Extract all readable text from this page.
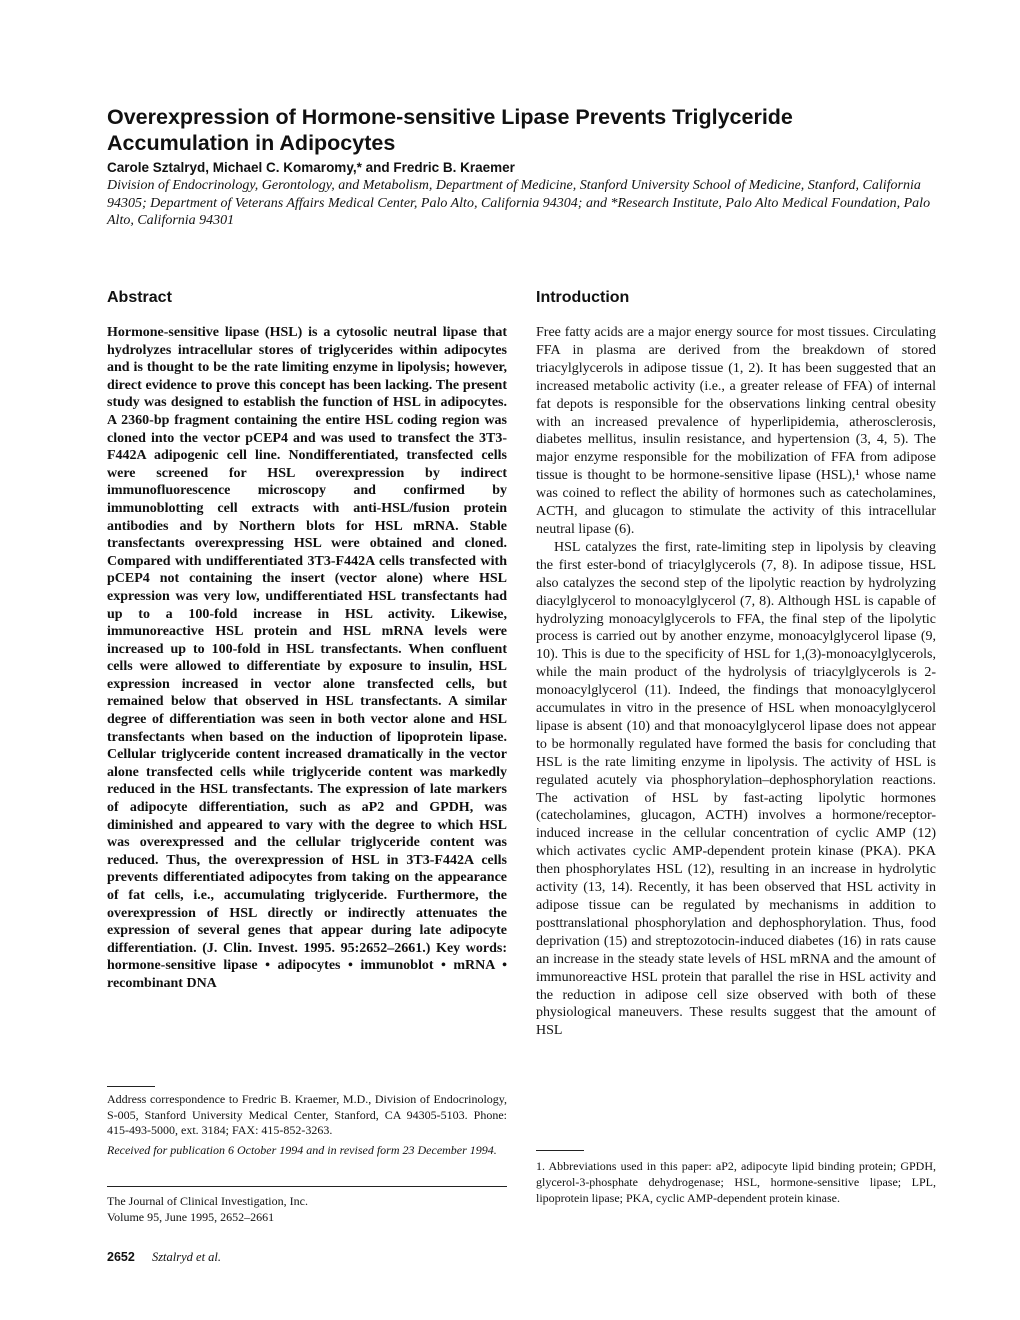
Overexpression of Hormone-sensitive Lipase Prevents Triglyceride Accumulation in Adipocytes
Carole Sztalryd, Michael C. Komaromy,* and Fredric B. Kraemer
Division of Endocrinology, Gerontology, and Metabolism, Department of Medicine, Stanford University School of Medicine, Stanford, California 94305; Department of Veterans Affairs Medical Center, Palo Alto, California 94304; and *Research Institute, Palo Alto Medical Foundation, Palo Alto, California 94301
Abstract

Hormone-sensitive lipase (HSL) is a cytosolic neutral lipase that hydrolyzes intracellular stores of triglycerides within adipocytes and is thought to be the rate limiting enzyme in lipolysis; however, direct evidence to prove this concept has been lacking. The present study was designed to establish the function of HSL in adipocytes. A 2360-bp fragment containing the entire HSL coding region was cloned into the vector pCEP4 and was used to transfect the 3T3-F442A adipogenic cell line. Nondifferentiated, transfected cells were screened for HSL overexpression by indirect immunofluorescence microscopy and confirmed by immunoblotting cell extracts with anti-HSL/fusion protein antibodies and by Northern blots for HSL mRNA. Stable transfectants overexpressing HSL were obtained and cloned. Compared with undifferentiated 3T3-F442A cells transfected with pCEP4 not containing the insert (vector alone) where HSL expression was very low, undifferentiated HSL transfectants had up to a 100-fold increase in HSL activity. Likewise, immunoreactive HSL protein and HSL mRNA levels were increased up to 100-fold in HSL transfectants. When confluent cells were allowed to differentiate by exposure to insulin, HSL expression increased in vector alone transfected cells, but remained below that observed in HSL transfectants. A similar degree of differentiation was seen in both vector alone and HSL transfectants when based on the induction of lipoprotein lipase. Cellular triglyceride content increased dramatically in the vector alone transfected cells while triglyceride content was markedly reduced in the HSL transfectants. The expression of late markers of adipocyte differentiation, such as aP2 and GPDH, was diminished and appeared to vary with the degree to which HSL was overexpressed and the cellular triglyceride content was reduced. Thus, the overexpression of HSL in 3T3-F442A cells prevents differentiated adipocytes from taking on the appearance of fat cells, i.e., accumulating triglyceride. Furthermore, the overexpression of HSL directly or indirectly attenuates the expression of several genes that appear during late adipocyte differentiation. (J. Clin. Invest. 1995. 95:2652–2661.) Key words: hormone-sensitive lipase • adipocytes • immunoblot • mRNA • recombinant DNA

Address correspondence to Fredric B. Kraemer, M.D., Division of Endocrinology, S-005, Stanford University Medical Center, Stanford, CA 94305-5103. Phone: 415-493-5000, ext. 3184; FAX: 415-852-3263.

Received for publication 6 October 1994 and in revised form 23 December 1994.

The Journal of Clinical Investigation, Inc.
Volume 95, June 1995, 2652–2661
2652 Sztalryd et al.
Introduction

Free fatty acids are a major energy source for most tissues. Circulating FFA in plasma are derived from the breakdown of stored triacylglycerols in adipose tissue (1, 2). It has been suggested that an increased metabolic activity (i.e., a greater release of FFA) of internal fat depots is responsible for the observations linking central obesity with an increased prevalence of hyperlipidemia, atherosclerosis, diabetes mellitus, insulin resistance, and hypertension (3, 4, 5). The major enzyme responsible for the mobilization of FFA from adipose tissue is thought to be hormone-sensitive lipase (HSL),¹ whose name was coined to reflect the ability of hormones such as catecholamines, ACTH, and glucagon to stimulate the activity of this intracellular neutral lipase (6).

HSL catalyzes the first, rate-limiting step in lipolysis by cleaving the first ester-bond of triacylglycerols (7, 8). In adipose tissue, HSL also catalyzes the second step of the lipolytic reaction by hydrolyzing diacylglycerol to monoacylglycerol (7, 8). Although HSL is capable of hydrolyzing monoacylglycerols to FFA, the final step of the lipolytic process is carried out by another enzyme, monoacylglycerol lipase (9, 10). This is due to the specificity of HSL for 1,(3)-monoacylglycerols, while the main product of the hydrolysis of triacylglycerols is 2-monoacylglycerol (11). Indeed, the findings that monoacylglycerol accumulates in vitro in the presence of HSL when monoacylglycerol lipase is absent (10) and that monoacylglycerol lipase does not appear to be hormonally regulated have formed the basis for concluding that HSL is the rate limiting enzyme in lipolysis. The activity of HSL is regulated acutely via phosphorylation–dephosphorylation reactions. The activation of HSL by fast-acting lipolytic hormones (catecholamines, glucagon, ACTH) involves a hormone/receptor-induced increase in the cellular concentration of cyclic AMP (12) which activates cyclic AMP-dependent protein kinase (PKA). PKA then phosphorylates HSL (12), resulting in an increase in hydrolytic activity (13, 14). Recently, it has been observed that HSL activity in adipose tissue can be regulated by mechanisms in addition to posttranslational phosphorylation and dephosphorylation. Thus, food deprivation (15) and streptozotocin-induced diabetes (16) in rats cause an increase in the steady state levels of HSL mRNA and the amount of immunoreactive HSL protein that parallel the rise in HSL activity and the reduction in adipose cell size observed with both of these physiological maneuvers. These results suggest that the amount of HSL

1. Abbreviations used in this paper: aP2, adipocyte lipid binding protein; GPDH, glycerol-3-phosphate dehydrogenase; HSL, hormone-sensitive lipase; LPL, lipoprotein lipase; PKA, cyclic AMP-dependent protein kinase.
